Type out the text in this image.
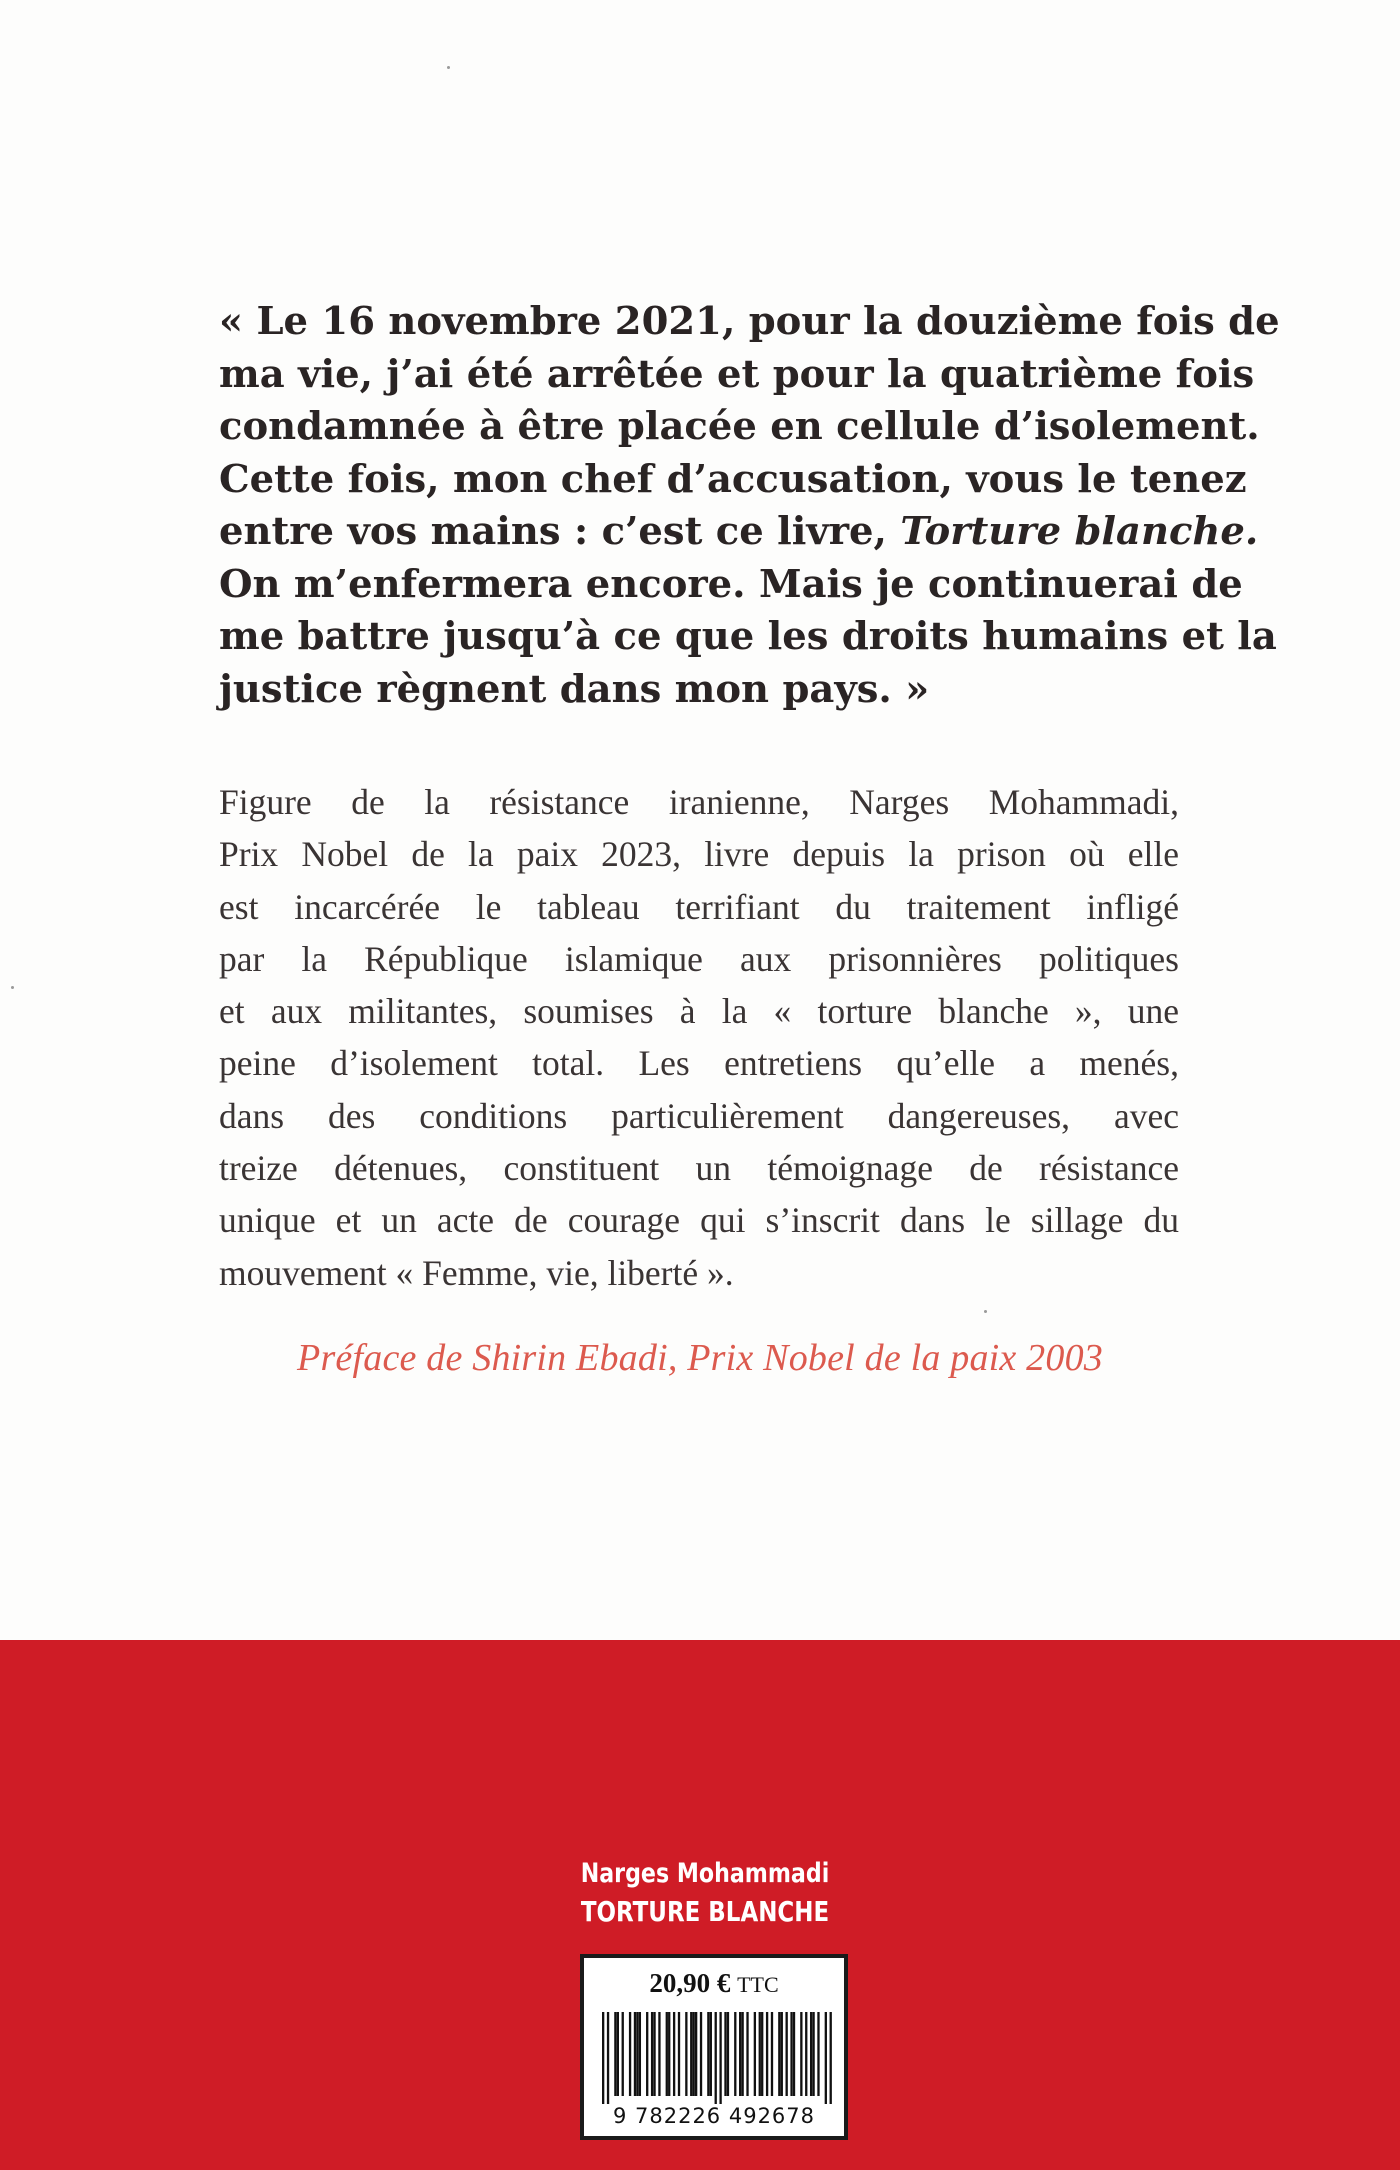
« Le 16 novembre 2021, pour la douzième fois de
ma vie, j’ai été arrêtée et pour la quatrième fois
condamnée à être placée en cellule d’isolement.
Cette fois, mon chef d’accusation, vous le tenez
entre vos mains : c’est ce livre, Torture blanche.
On m’enfermera encore. Mais je continuerai de
me battre jusqu’à ce que les droits humains et la
justice règnent dans mon pays. »
Figure de la résistance iranienne, Narges Mohammadi,
Prix Nobel de la paix 2023, livre depuis la prison où elle
est incarcérée le tableau terrifiant du traitement infligé
par la République islamique aux prisonnières politiques
et aux militantes, soumises à la « torture blanche », une
peine d’isolement total. Les entretiens qu’elle a menés,
dans des conditions particulièrement dangereuses, avec
treize détenues, constituent un témoignage de résistance
unique et un acte de courage qui s’inscrit dans le sillage du
mouvement « Femme, vie, liberté ».
Préface de Shirin Ebadi, Prix Nobel de la paix 2003
Narges Mohammadi
TORTURE BLANCHE
20,90 € TTC
9 782226 492678
